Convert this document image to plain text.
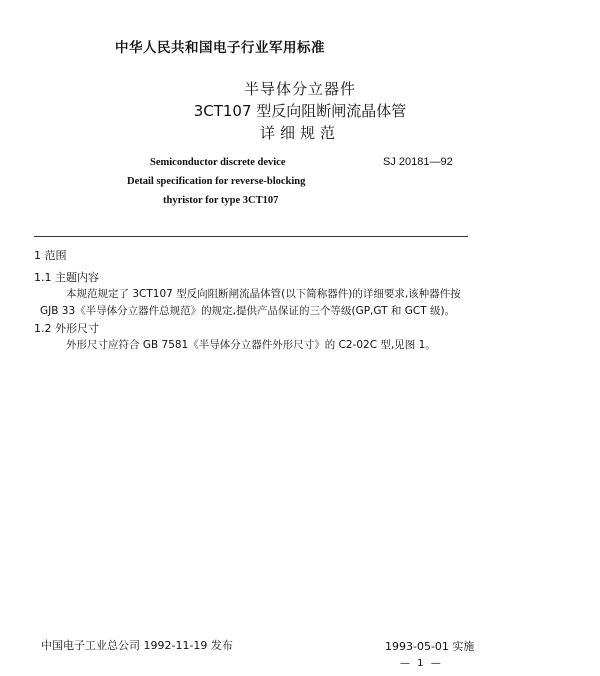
中华人民共和国电子行业军用标准
半导体分立器件
3CT107 型反向阻断闸流晶体管
详细规范
Semiconductor discrete device
Detail specification for reverse-blocking
thyristor for type 3CT107
SJ 20181—92
1 范围
1.1 主题内容
本规范规定了 3CT107 型反向阻断闸流晶体管(以下简称器件)的详细要求,该种器件按
GJB 33《半导体分立器件总规范》的规定,提供产品保证的三个等级(GP,GT 和 GCT 级)。
1.2 外形尺寸
外形尺寸应符合 GB 7581《半导体分立器件外形尺寸》的 C2-02C 型,见图 1。
中国电子工业总公司 1992-11-19 发布	1993-05-01 实施
— 1 —
